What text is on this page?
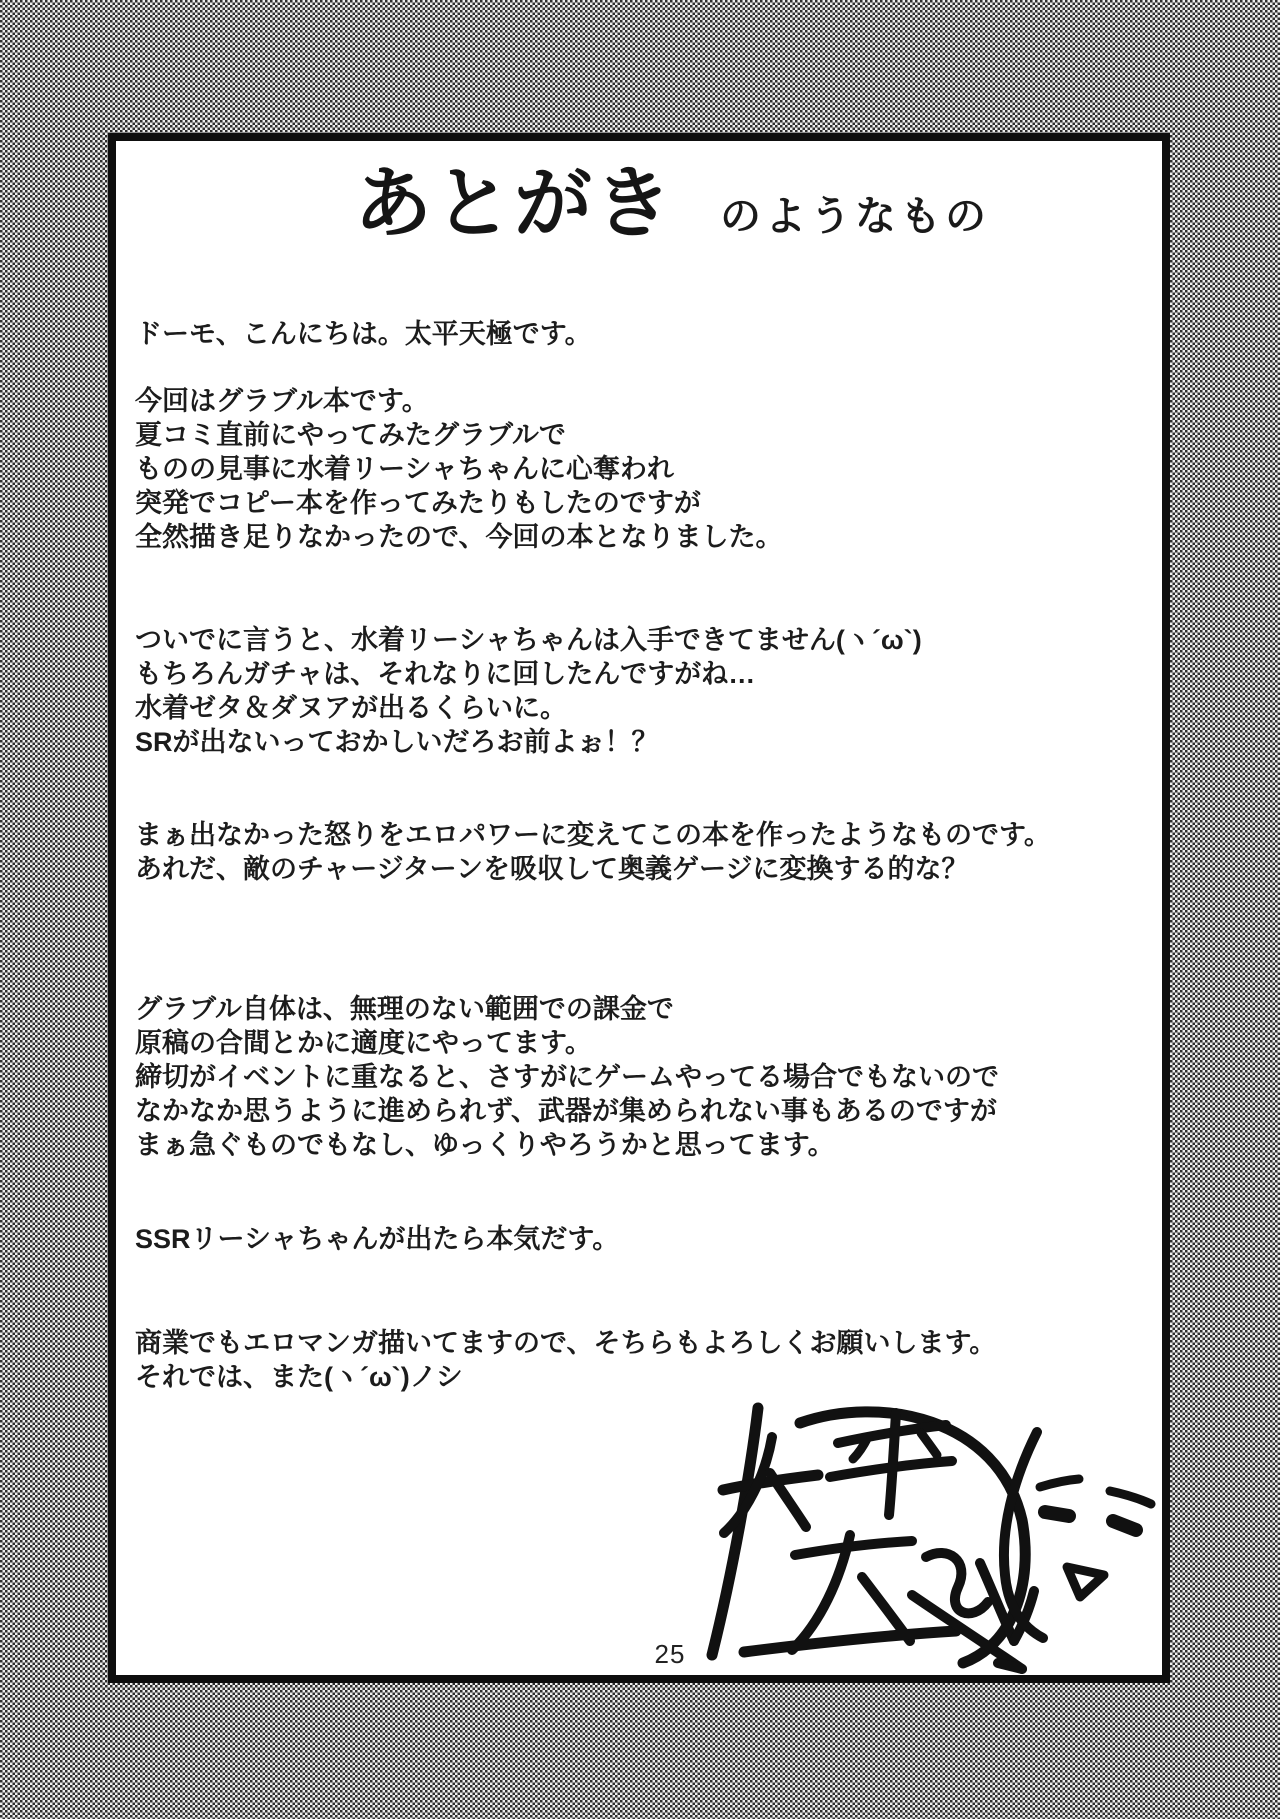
あとがき のようなもの
ドーモ、こんにちは。太平天極です。
今回はグラブル本です。
夏コミ直前にやってみたグラブルで
ものの見事に水着リーシャちゃんに心奪われ
突発でコピー本を作ってみたりもしたのですが
全然描き足りなかったので、今回の本となりました。
ついでに言うと、水着リーシャちゃんは入手できてません(ヽ´ω`)
もちろんガチャは、それなりに回したんですがね…
水着ゼタ＆ダヌアが出るくらいに。
SRが出ないっておかしいだろお前よぉ！？
まぁ出なかった怒りをエロパワーに変えてこの本を作ったようなものです。
あれだ、敵のチャージターンを吸収して奥義ゲージに変換する的な？
グラブル自体は、無理のない範囲での課金で
原稿の合間とかに適度にやってます。
締切がイベントに重なると、さすがにゲームやってる場合でもないので
なかなか思うように進められず、武器が集められない事もあるのですが
まぁ急ぐものでもなし、ゆっくりやろうかと思ってます。
SSRリーシャちゃんが出たら本気だす。
商業でもエロマンガ描いてますので、そちらもよろしくお願いします。
それでは、また(ヽ´ω`)ノシ
25
